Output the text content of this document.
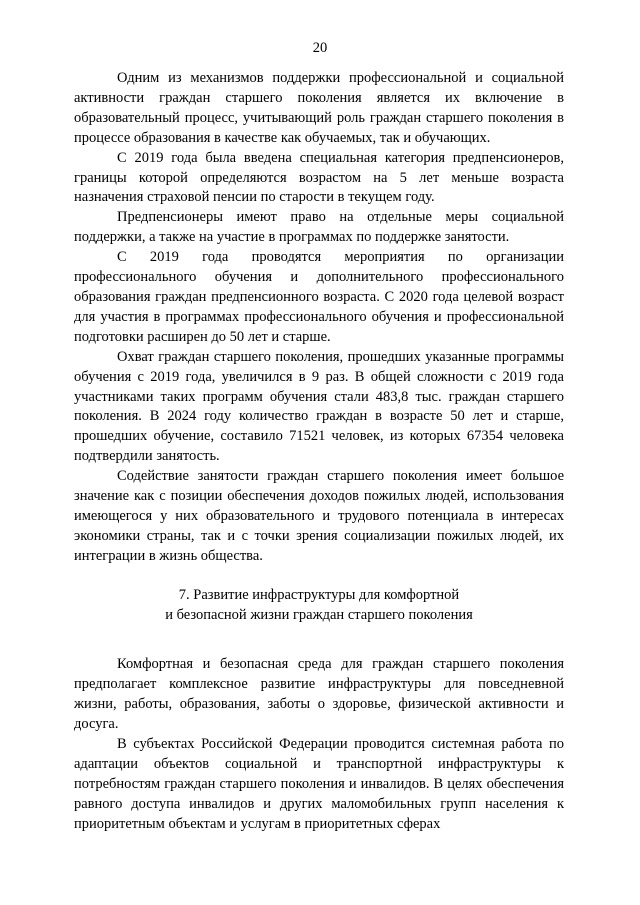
20

Одним из механизмов поддержки профессиональной и социальной активности граждан старшего поколения является их включение в образовательный процесс, учитывающий роль граждан старшего поколения в процессе образования в качестве как обучаемых, так и обучающих.

С 2019 года была введена специальная категория предпенсионеров, границы которой определяются возрастом на 5 лет меньше возраста назначения страховой пенсии по старости в текущем году.

Предпенсионеры имеют право на отдельные меры социальной поддержки, а также на участие в программах по поддержке занятости.

С 2019 года проводятся мероприятия по организации профессионального обучения и дополнительного профессионального образования граждан предпенсионного возраста. С 2020 года целевой возраст для участия в программах профессионального обучения и профессиональной подготовки расширен до 50 лет и старше.

Охват граждан старшего поколения, прошедших указанные программы обучения с 2019 года, увеличился в 9 раз. В общей сложности с 2019 года участниками таких программ обучения стали 483,8 тыс. граждан старшего поколения. В 2024 году количество граждан в возрасте 50 лет и старше, прошедших обучение, составило 71521 человек, из которых 67354 человека подтвердили занятость.

Содействие занятости граждан старшего поколения имеет большое значение как с позиции обеспечения доходов пожилых людей, использования имеющегося у них образовательного и трудового потенциала в интересах экономики страны, так и с точки зрения социализации пожилых людей, их интеграции в жизнь общества.

7. Развитие инфраструктуры для комфортной
и безопасной жизни граждан старшего поколения

Комфортная и безопасная среда для граждан старшего поколения предполагает комплексное развитие инфраструктуры для повседневной жизни, работы, образования, заботы о здоровье, физической активности и досуга.

В субъектах Российской Федерации проводится системная работа по адаптации объектов социальной и транспортной инфраструктуры к потребностям граждан старшего поколения и инвалидов. В целях обеспечения равного доступа инвалидов и других маломобильных групп населения к приоритетным объектам и услугам в приоритетных сферах
